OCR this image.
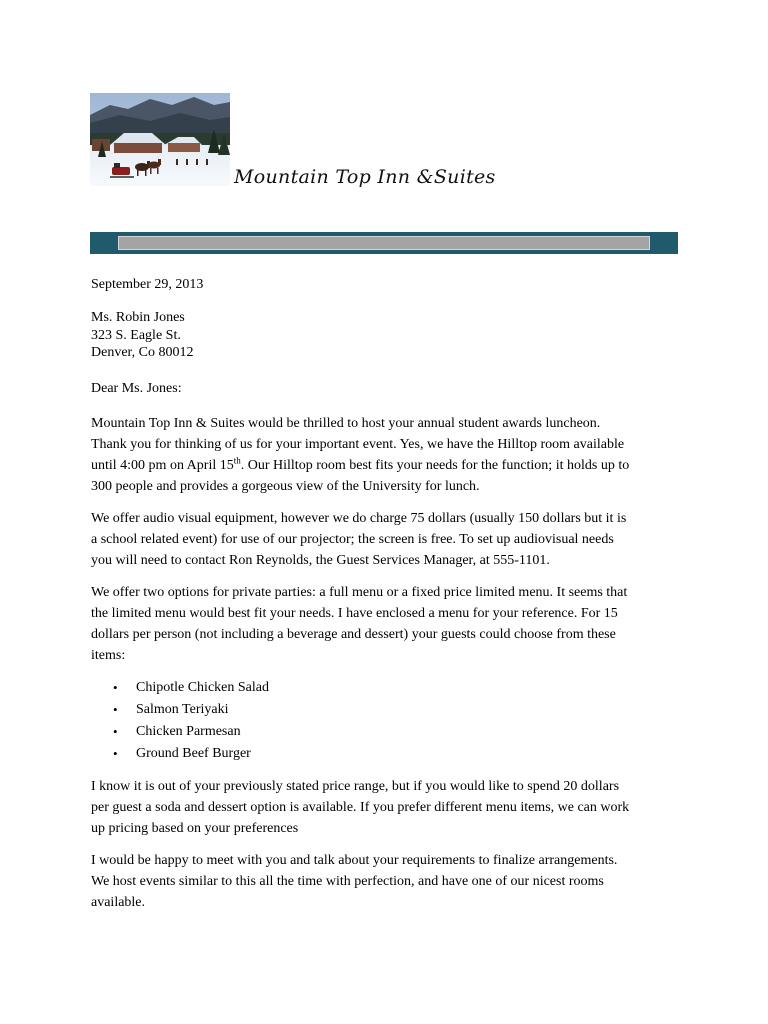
Mountain Top Inn &Suites
September 29, 2013
Ms. Robin Jones
323 S. Eagle St.
Denver, Co 80012
Dear Ms. Jones:
Mountain Top Inn & Suites would be thrilled to host your annual student awards luncheon.
Thank you for thinking of us for your important event. Yes, we have the Hilltop room available
until 4:00 pm on April 15th. Our Hilltop room best fits your needs for the function; it holds up to
300 people and provides a gorgeous view of the University for lunch.
We offer audio visual equipment, however we do charge 75 dollars (usually 150 dollars but it is
a school related event) for use of our projector; the screen is free. To set up audiovisual needs
you will need to contact Ron Reynolds, the Guest Services Manager, at 555-1101.
We offer two options for private parties: a full menu or a fixed price limited menu. It seems that
the limited menu would best fit your needs. I have enclosed a menu for your reference. For 15
dollars per person (not including a beverage and dessert) your guests could choose from these
items:
• Chipotle Chicken Salad
• Salmon Teriyaki
• Chicken Parmesan
• Ground Beef Burger
I know it is out of your previously stated price range, but if you would like to spend 20 dollars
per guest a soda and dessert option is available. If you prefer different menu items, we can work
up pricing based on your preferences
I would be happy to meet with you and talk about your requirements to finalize arrangements.
We host events similar to this all the time with perfection, and have one of our nicest rooms
available.
